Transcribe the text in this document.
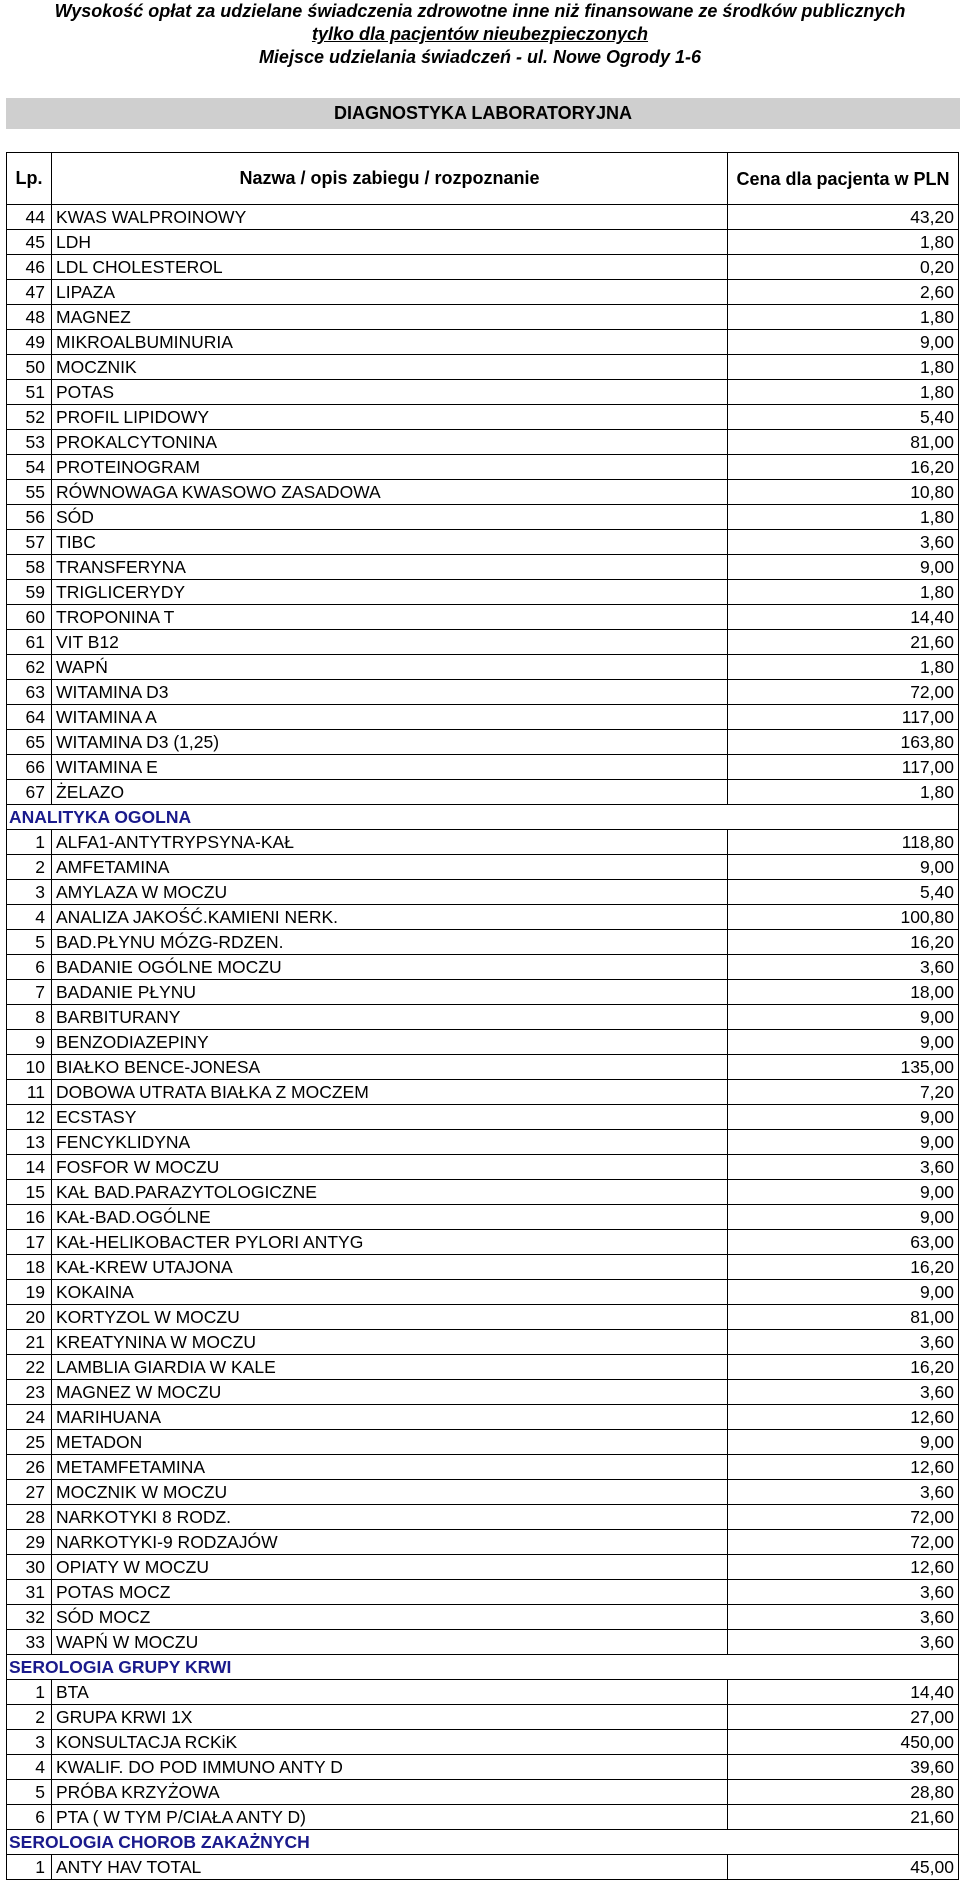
Wysokość opłat za udzielane świadczenia zdrowotne inne niż finansowane ze środków publicznych
tylko dla pacjentów nieubezpieczonych
Miejsce udzielania świadczeń - ul. Nowe Ogrody 1-6
DIAGNOSTYKA LABORATORYJNA
Lp.	Nazwa / opis zabiegu / rozpoznanie	Cena dla pacjenta w PLN
44	KWAS WALPROINOWY	43,20
45	LDH	1,80
46	LDL CHOLESTEROL	0,20
47	LIPAZA	2,60
48	MAGNEZ	1,80
49	MIKROALBUMINURIA	9,00
50	MOCZNIK	1,80
51	POTAS	1,80
52	PROFIL LIPIDOWY	5,40
53	PROKALCYTONINA	81,00
54	PROTEINOGRAM	16,20
55	RÓWNOWAGA KWASOWO ZASADOWA	10,80
56	SÓD	1,80
57	TIBC	3,60
58	TRANSFERYNA	9,00
59	TRIGLICERYDY	1,80
60	TROPONINA T	14,40
61	VIT B12	21,60
62	WAPŃ	1,80
63	WITAMINA D3	72,00
64	WITAMINA A	117,00
65	WITAMINA D3 (1,25)	163,80
66	WITAMINA E	117,00
67	ŻELAZO	1,80
ANALITYKA OGOLNA		
1	ALFA1-ANTYTRYPSYNA-KAŁ	118,80
2	AMFETAMINA	9,00
3	AMYLAZA W MOCZU	5,40
4	ANALIZA JAKOŚĆ.KAMIENI NERK.	100,80
5	BAD.PŁYNU MÓZG-RDZEN.	16,20
6	BADANIE OGÓLNE MOCZU	3,60
7	BADANIE PŁYNU	18,00
8	BARBITURANY	9,00
9	BENZODIAZEPINY	9,00
10	BIAŁKO BENCE-JONESA	135,00
11	DOBOWA UTRATA BIAŁKA Z MOCZEM	7,20
12	ECSTASY	9,00
13	FENCYKLIDYNA	9,00
14	FOSFOR W MOCZU	3,60
15	KAŁ BAD.PARAZYTOLOGICZNE	9,00
16	KAŁ-BAD.OGÓLNE	9,00
17	KAŁ-HELIKOBACTER PYLORI ANTYG	63,00
18	KAŁ-KREW UTAJONA	16,20
19	KOKAINA	9,00
20	KORTYZOL W MOCZU	81,00
21	KREATYNINA W MOCZU	3,60
22	LAMBLIA GIARDIA W KALE	16,20
23	MAGNEZ W MOCZU	3,60
24	MARIHUANA	12,60
25	METADON	9,00
26	METAMFETAMINA	12,60
27	MOCZNIK W MOCZU	3,60
28	NARKOTYKI 8 RODZ.	72,00
29	NARKOTYKI-9 RODZAJÓW	72,00
30	OPIATY W MOCZU	12,60
31	POTAS MOCZ	3,60
32	SÓD MOCZ	3,60
33	WAPŃ W MOCZU	3,60
SEROLOGIA GRUPY KRWI		
1	BTA	14,40
2	GRUPA KRWI 1X	27,00
3	KONSULTACJA RCKiK	450,00
4	KWALIF. DO POD IMMUNO ANTY D	39,60
5	PRÓBA KRZYŻOWA	28,80
6	PTA ( W TYM P/CIAŁA ANTY D)	21,60
SEROLOGIA CHOROB ZAKAŻNYCH		
1	ANTY HAV TOTAL	45,00
